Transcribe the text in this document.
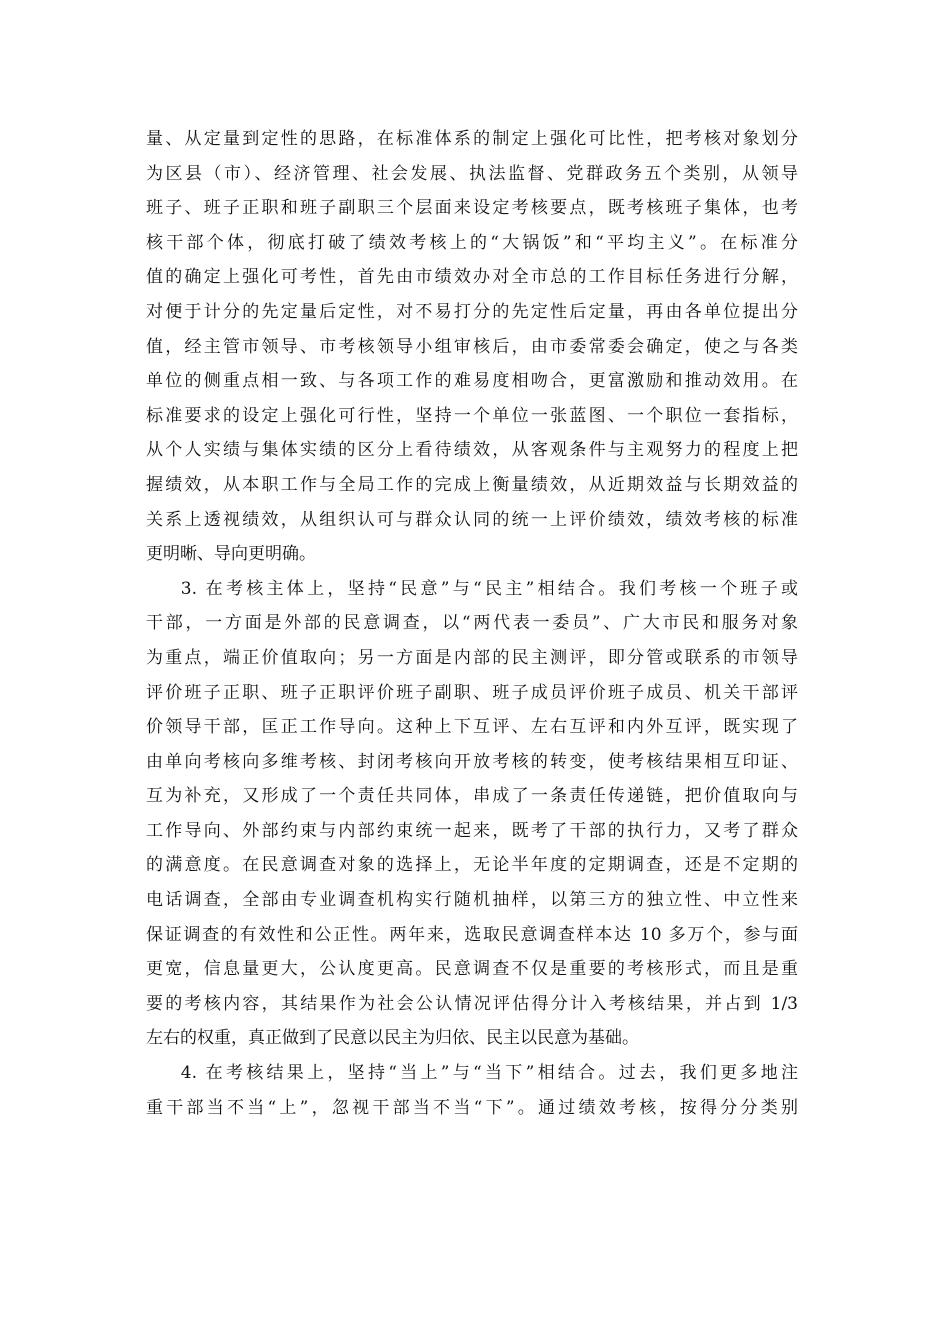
量、从定量到定性的思路，在标准体系的制定上强化可比性，把考核对象划分
为区县（市）、经济管理、社会发展、执法监督、党群政务五个类别，从领导
班子、班子正职和班子副职三个层面来设定考核要点，既考核班子集体，也考
核干部个体，彻底打破了绩效考核上的“大锅饭”和“平均主义”。在标准分
值的确定上强化可考性，首先由市绩效办对全市总的工作目标任务进行分解，
对便于计分的先定量后定性，对不易打分的先定性后定量，再由各单位提出分
值，经主管市领导、市考核领导小组审核后，由市委常委会确定，使之与各类
单位的侧重点相一致、与各项工作的难易度相吻合，更富激励和推动效用。在
标准要求的设定上强化可行性，坚持一个单位一张蓝图、一个职位一套指标，
从个人实绩与集体实绩的区分上看待绩效，从客观条件与主观努力的程度上把
握绩效，从本职工作与全局工作的完成上衡量绩效，从近期效益与长期效益的
关系上透视绩效，从组织认可与群众认同的统一上评价绩效，绩效考核的标准
更明晰、导向更明确。
3. 在考核主体上，坚持“民意”与“民主”相结合。我们考核一个班子或
干部，一方面是外部的民意调查，以“两代表一委员”、广大市民和服务对象
为重点，端正价值取向；另一方面是内部的民主测评，即分管或联系的市领导
评价班子正职、班子正职评价班子副职、班子成员评价班子成员、机关干部评
价领导干部，匡正工作导向。这种上下互评、左右互评和内外互评，既实现了
由单向考核向多维考核、封闭考核向开放考核的转变，使考核结果相互印证、
互为补充，又形成了一个责任共同体，串成了一条责任传递链，把价值取向与
工作导向、外部约束与内部约束统一起来，既考了干部的执行力，又考了群众
的满意度。在民意调查对象的选择上，无论半年度的定期调查，还是不定期的
电话调查，全部由专业调查机构实行随机抽样，以第三方的独立性、中立性来
保证调查的有效性和公正性。两年来，选取民意调查样本达 10 多万个，参与面
更宽，信息量更大，公认度更高。民意调查不仅是重要的考核形式，而且是重
要的考核内容，其结果作为社会公认情况评估得分计入考核结果，并占到 1/3
左右的权重，真正做到了民意以民主为归依、民主以民意为基础。
4. 在考核结果上，坚持“当上”与“当下”相结合。过去，我们更多地注
重干部当不当“上”，忽视干部当不当“下”。通过绩效考核，按得分分类别
